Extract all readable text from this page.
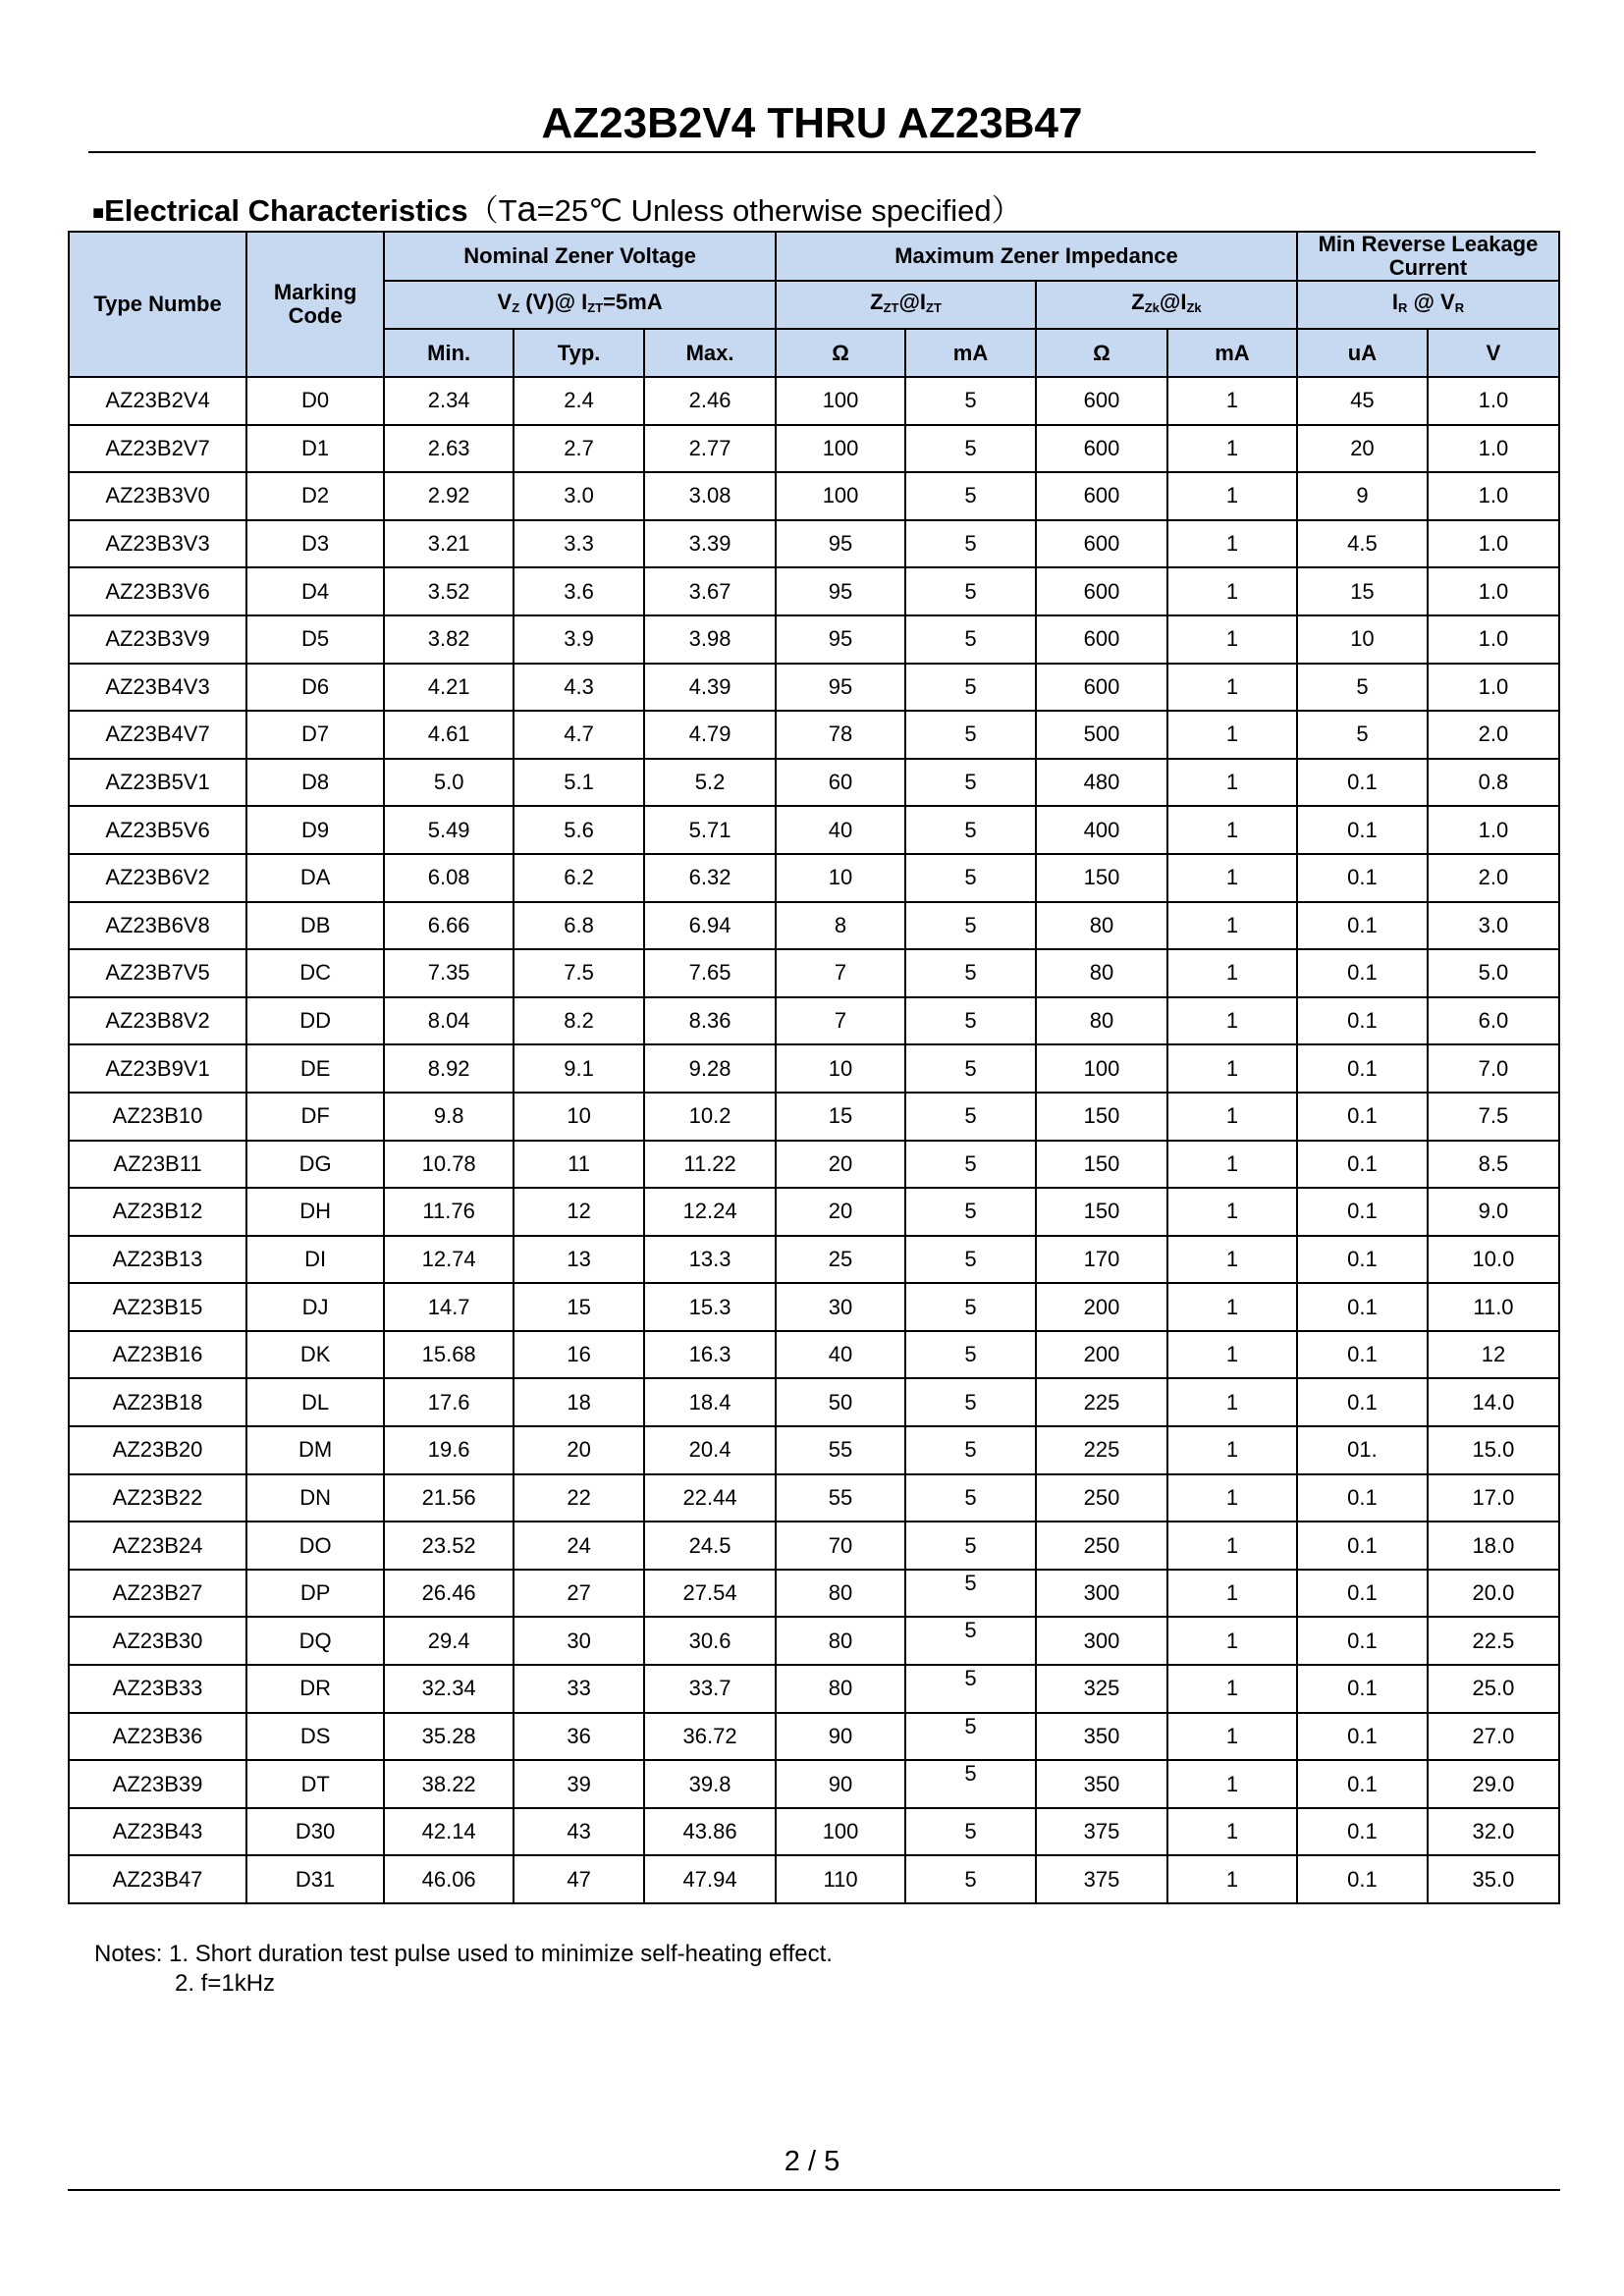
AZ23B2V4 THRU AZ23B47
■Electrical Characteristics（Ta=25℃ Unless otherwise specified）
Type Numbe	Marking Code	Nominal Zener Voltage			Maximum Zener Impedance				Min Reverse Leakage Current	
		$V_Z$ (V)@ $I_{ZT}=5mA$			$Z_{ZT}@I_{ZT}$		$Z_{Zk}@I_{Zk}$		$I_R$ @ $V_R$
		Min.	Typ.	Max.	Ω	mA	Ω	mA	uA	V
AZ23B2V4	D0	2.34	2.4	2.46	100	5	600	1	45	1.0
AZ23B2V7	D1	2.63	2.7	2.77	100	5	600	1	20	1.0
AZ23B3V0	D2	2.92	3.0	3.08	100	5	600	1	9	1.0
AZ23B3V3	D3	3.21	3.3	3.39	95	5	600	1	4.5	1.0
AZ23B3V6	D4	3.52	3.6	3.67	95	5	600	1	15	1.0
AZ23B3V9	D5	3.82	3.9	3.98	95	5	600	1	10	1.0
AZ23B4V3	D6	4.21	4.3	4.39	95	5	600	1	5	1.0
AZ23B4V7	D7	4.61	4.7	4.79	78	5	500	1	5	2.0
AZ23B5V1	D8	5.0	5.1	5.2	60	5	480	1	0.1	0.8
AZ23B5V6	D9	5.49	5.6	5.71	40	5	400	1	0.1	1.0
AZ23B6V2	DA	6.08	6.2	6.32	10	5	150	1	0.1	2.0
AZ23B6V8	DB	6.66	6.8	6.94	8	5	80	1	0.1	3.0
AZ23B7V5	DC	7.35	7.5	7.65	7	5	80	1	0.1	5.0
AZ23B8V2	DD	8.04	8.2	8.36	7	5	80	1	0.1	6.0
AZ23B9V1	DE	8.92	9.1	9.28	10	5	100	1	0.1	7.0
AZ23B10	DF	9.8	10	10.2	15	5	150	1	0.1	7.5
AZ23B11	DG	10.78	11	11.22	20	5	150	1	0.1	8.5
AZ23B12	DH	11.76	12	12.24	20	5	150	1	0.1	9.0
AZ23B13	DI	12.74	13	13.3	25	5	170	1	0.1	10.0
AZ23B15	DJ	14.7	15	15.3	30	5	200	1	0.1	11.0
AZ23B16	DK	15.68	16	16.3	40	5	200	1	0.1	12
AZ23B18	DL	17.6	18	18.4	50	5	225	1	0.1	14.0
AZ23B20	DM	19.6	20	20.4	55	5	225	1	01.	15.0
AZ23B22	DN	21.56	22	22.44	55	5	250	1	0.1	17.0
AZ23B24	DO	23.52	24	24.5	70	5	250	1	0.1	18.0
AZ23B27	DP	26.46	27	27.54	80	5	300	1	0.1	20.0
AZ23B30	DQ	29.4	30	30.6	80	5	300	1	0.1	22.5
AZ23B33	DR	32.34	33	33.7	80	5	325	1	0.1	25.0
AZ23B36	DS	35.28	36	36.72	90	5	350	1	0.1	27.0
AZ23B39	DT	38.22	39	39.8	90	5	350	1	0.1	29.0
AZ23B43	D30	42.14	43	43.86	100	5	375	1	0.1	32.0
AZ23B47	D31	46.06	47	47.94	110	5	375	1	0.1	35.0
Notes: 1. Short duration test pulse used to minimize self-heating effect.
2. f=1kHz
2 / 5
